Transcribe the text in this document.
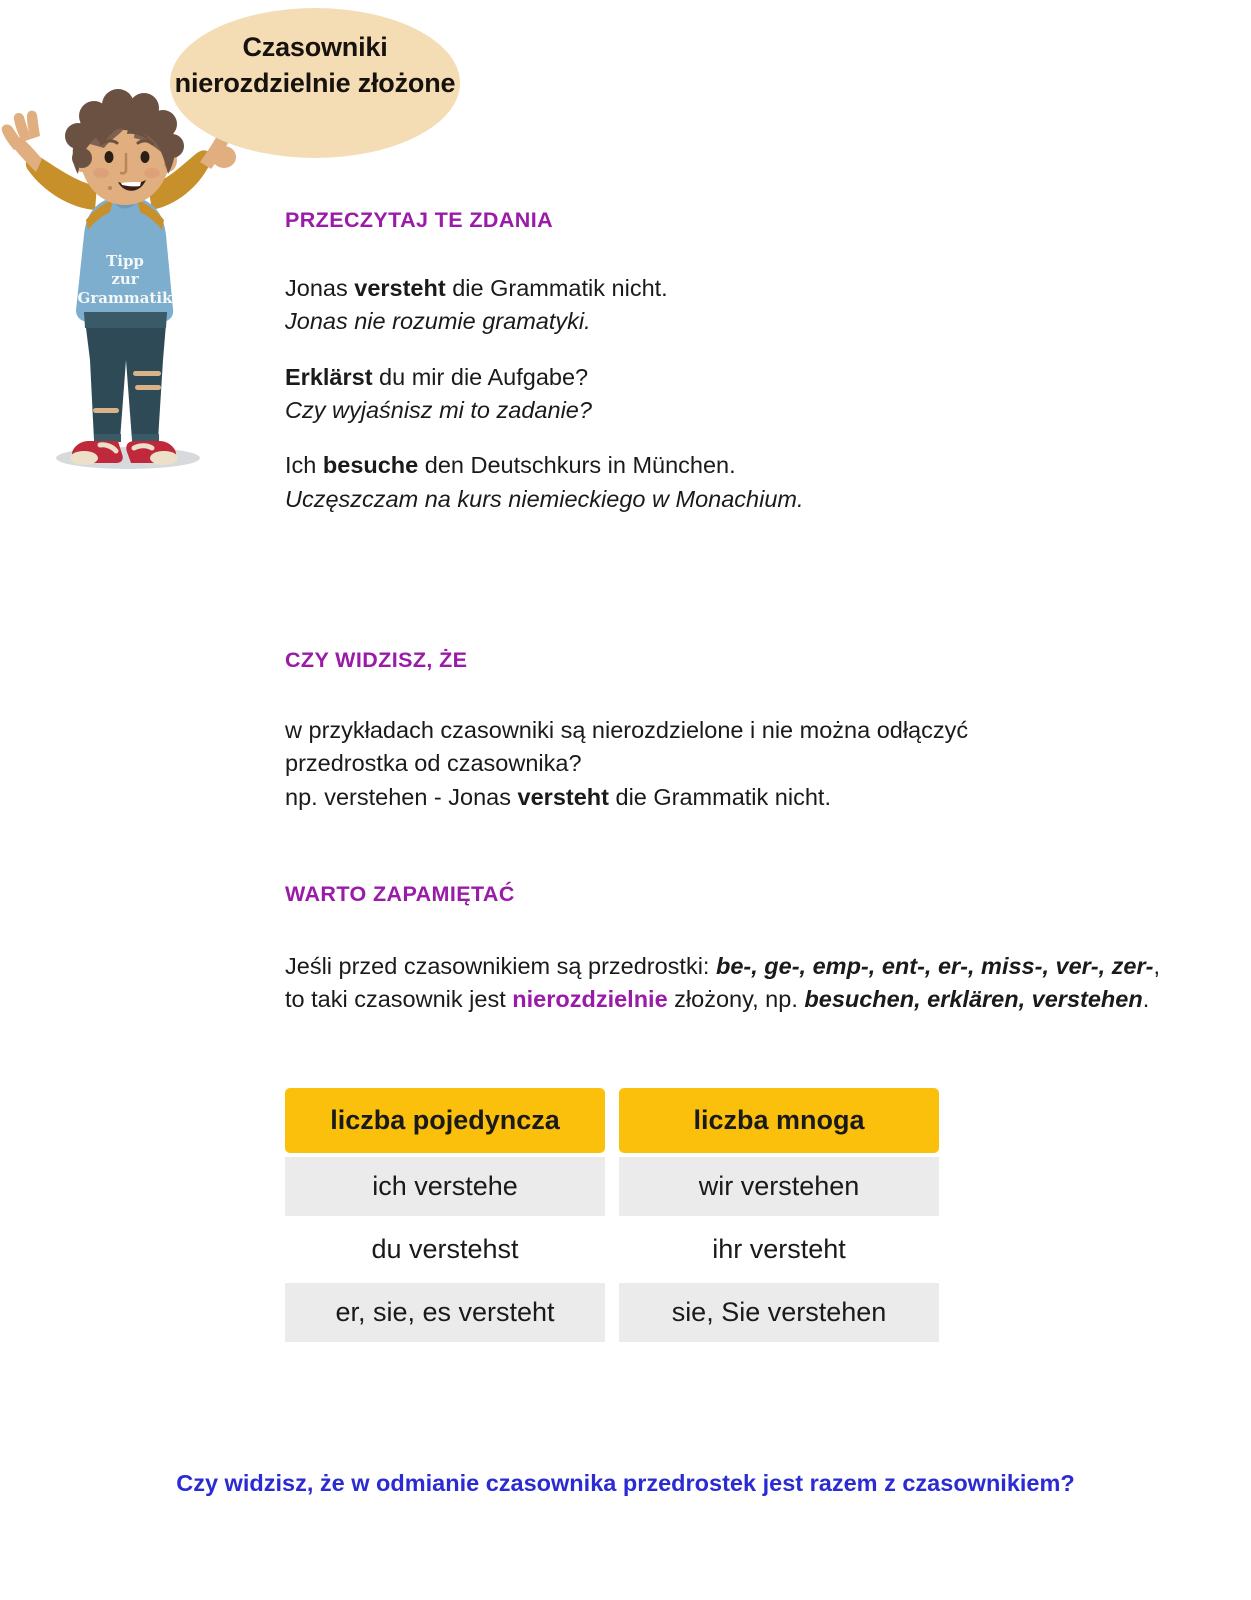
Tipp
zur
Grammatik
Czasowniki nierozdzielnie złożone
PRZECZYTAJ TE ZDANIA
Jonas versteht die Grammatik nicht.
Jonas nie rozumie gramatyki.
Erklärst du mir die Aufgabe?
Czy wyjaśnisz mi to zadanie?
Ich besuche den Deutschkurs in München.
Uczęszczam na kurs niemieckiego w Monachium.
CZY WIDZISZ, ŻE
w przykładach czasowniki są nierozdzielone i nie można odłączyć
przedrostka od czasownika?
np. verstehen - Jonas versteht die Grammatik nicht.
WARTO ZAPAMIĘTAĆ
Jeśli przed czasownikiem są przedrostki: be-, ge-, emp-, ent-, er-, miss-, ver-, zer-, to taki czasownik jest nierozdzielnie złożony, np. besuchen, erklären, verstehen.
liczba pojedyncza	liczba mnoga
ich verstehe	wir verstehen
du verstehst	ihr versteht
er, sie, es versteht	sie, Sie verstehen
Czy widzisz, że w odmianie czasownika przedrostek jest razem z czasownikiem?
